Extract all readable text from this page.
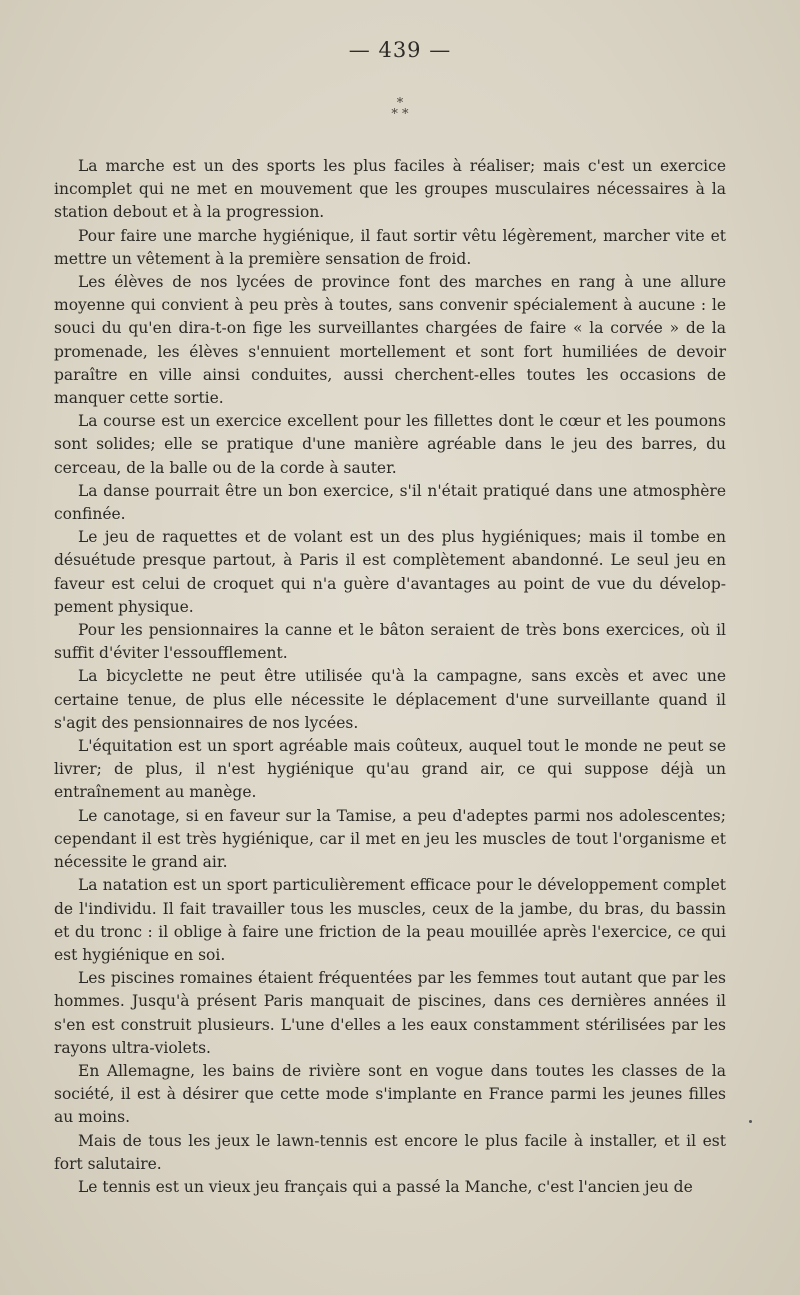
— 439 —
*
* *

La marche est un des sports les plus faciles à réaliser; mais c'est un exercice incomplet qui ne met en mouvement que les groupes musculaires nécessaires à la station debout et à la progression.

Pour faire une marche hygiénique, il faut sortir vêtu légèrement, marcher vite et mettre un vêtement à la première sensation de froid.

Les élèves de nos lycées de province font des marches en rang à une allure moyenne qui convient à peu près à toutes, sans convenir spécialement à aucune : le souci du qu'en dira-t-on fige les surveillantes chargées de faire « la corvée » de la promenade, les élèves s'ennuient mortellement et sont fort humiliées de devoir paraître en ville ainsi conduites, aussi cherchent-elles toutes les occasions de manquer cette sortie.

La course est un exercice excellent pour les fillettes dont le cœur et les poumons sont solides; elle se pratique d'une manière agréable dans le jeu des barres, du cerceau, de la balle ou de la corde à sauter.

La danse pourrait être un bon exercice, s'il n'était pratiqué dans une atmosphère confinée.

Le jeu de raquettes et de volant est un des plus hygiéniques; mais il tombe en désuétude presque partout, à Paris il est complètement abandonné. Le seul jeu en faveur est celui de croquet qui n'a guère d'avantages au point de vue du développement physique.

Pour les pensionnaires la canne et le bâton seraient de très bons exercices, où il suffit d'éviter l'essoufflement.

La bicyclette ne peut être utilisée qu'à la campagne, sans excès et avec une certaine tenue, de plus elle nécessite le déplacement d'une surveillante quand il s'agit des pensionnaires de nos lycées.

L'équitation est un sport agréable mais coûteux, auquel tout le monde ne peut se livrer; de plus, il n'est hygiénique qu'au grand air, ce qui suppose déjà un entraînement au manège.

Le canotage, si en faveur sur la Tamise, a peu d'adeptes parmi nos adolescentes; cependant il est très hygiénique, car il met en jeu les muscles de tout l'organisme et nécessite le grand air.

La natation est un sport particulièrement efficace pour le développement complet de l'individu. Il fait travailler tous les muscles, ceux de la jambe, du bras, du bassin et du tronc : il oblige à faire une friction de la peau mouillée après l'exercice, ce qui est hygiénique en soi.

Les piscines romaines étaient fréquentées par les femmes tout autant que par les hommes. Jusqu'à présent Paris manquait de piscines, dans ces dernières années il s'en est construit plusieurs. L'une d'elles a les eaux constamment stérilisées par les rayons ultra-violets.

En Allemagne, les bains de rivière sont en vogue dans toutes les classes de la société, il est à désirer que cette mode s'implante en France parmi les jeunes filles au moins.

Mais de tous les jeux le lawn-tennis est encore le plus facile à installer, et il est fort salutaire.

Le tennis est un vieux jeu français qui a passé la Manche, c'est l'ancien jeu de
